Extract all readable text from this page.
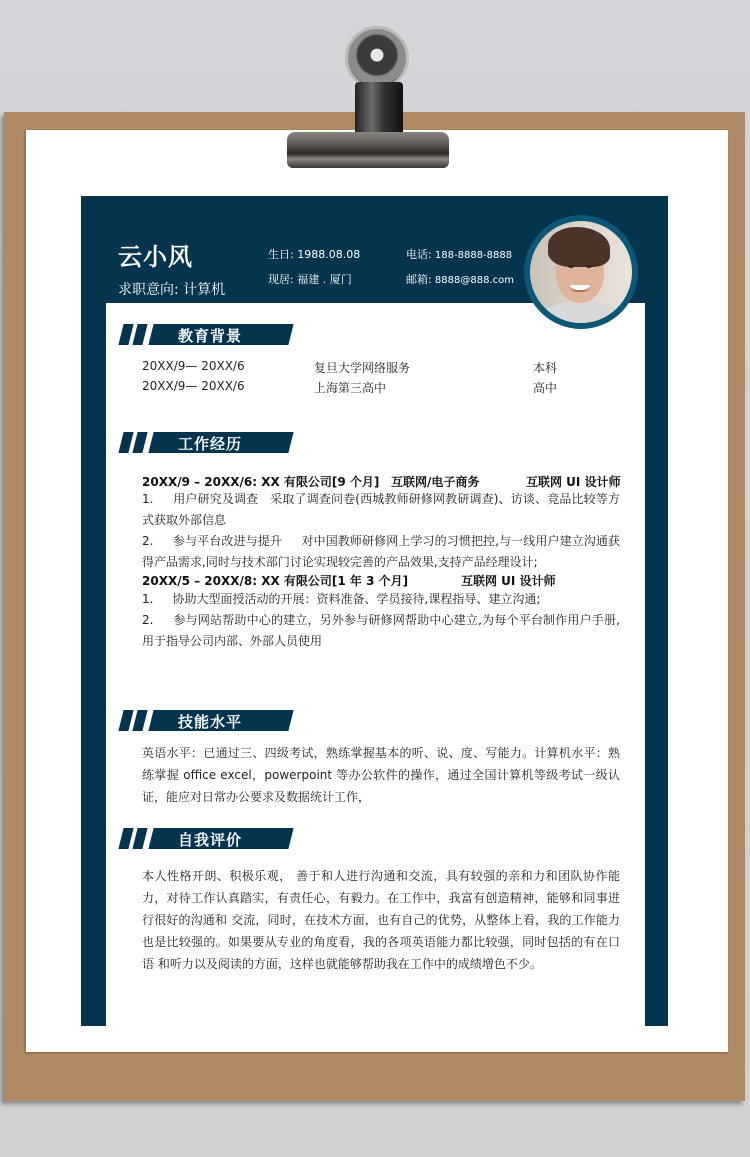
云小风
求职意向: 计算机
生日: 1988.08.08
现居: 福建 . 厦门
电话: 188-8888-8888
邮箱: 8888@888.com
教育背景
20XX/9— 20XX/6	复旦大学网络服务	本科
20XX/9— 20XX/6	上海第三高中	高中
工作经历
20XX/9 – 20XX/6: XX 有限公司[9 个月] 互联网/电子商务	互联网 UI 设计师
1.     用户研究及调查   采取了调查问卷(西城教师研修网教研调查)、访谈、竞品比较等方式获取外部信息
2.     参与平台改进与提升     对中国教师研修网上学习的习惯把控,与一线用户建立沟通获得产品需求,同时与技术部门讨论实现较完善的产品效果,支持产品经理设计;
20XX/5 – 20XX/8: XX 有限公司[1 年 3 个月]	互联网 UI 设计师
1.     协助大型面授活动的开展：资料准备、学员接待,课程指导、建立沟通;
2.     参与网站帮助中心的建立，另外参与研修网帮助中心建立,为每个平台制作用户手册,用于指导公司内部、外部人员使用
技能水平
英语水平：已通过三、四级考试，熟练掌握基本的听、说、度、写能力。计算机水平：熟练掌握 office excel，powerpoint 等办公软件的操作，通过全国计算机等级考试一级认证，能应对日常办公要求及数据统计工作，
自我评价
本人性格开朗、积极乐观， 善于和人进行沟通和交流，具有较强的亲和力和团队协作能力，对待工作认真踏实，有责任心，有毅力。在工作中，我富有创造精神，能够和同事进行很好的沟通和 交流，同时，在技术方面，也有自己的优势，从整体上看，我的工作能力也是比较强的。如果要从专业的角度看，我的各项英语能力都比较强，同时包括的有在口语 和听力以及阅读的方面，这样也就能够帮助我在工作中的成绩增色不少。
